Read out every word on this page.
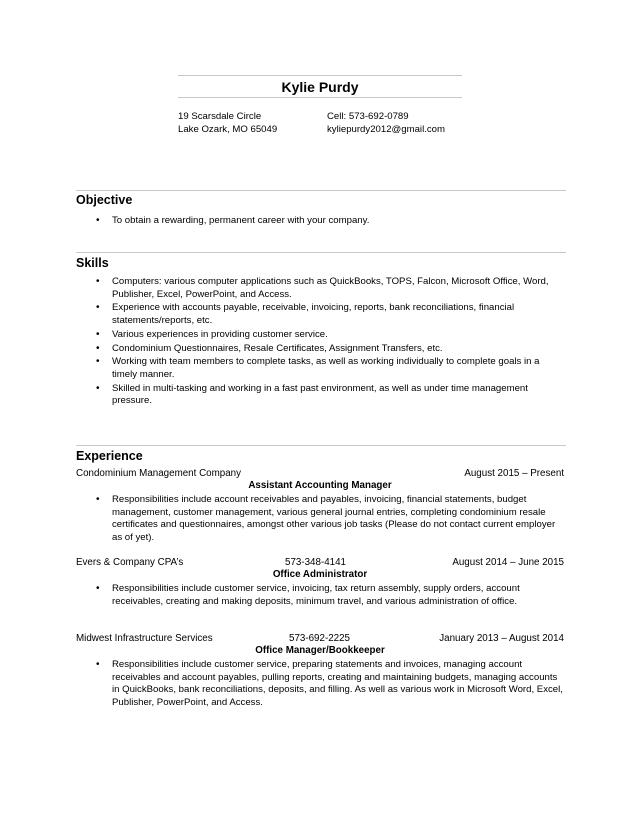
Kylie Purdy
19 Scarsdale Circle
Lake Ozark, MO 65049
Cell: 573-692-0789
kyliepurdy2012@gmail.com
Objective
• To obtain a rewarding, permanent career with your company.
Skills
• Computers: various computer applications such as QuickBooks, TOPS, Falcon, Microsoft Office, Word, Publisher, Excel, PowerPoint, and Access.
• Experience with accounts payable, receivable, invoicing, reports, bank reconciliations, financial statements/reports, etc.
• Various experiences in providing customer service.
• Condominium Questionnaires, Resale Certificates, Assignment Transfers, etc.
• Working with team members to complete tasks, as well as working individually to complete goals in a timely manner.
• Skilled in multi-tasking and working in a fast past environment, as well as under time management pressure.
Experience
Condominium Management Company	August 2015 – Present
Assistant Accounting Manager
• Responsibilities include account receivables and payables, invoicing, financial statements, budget management, customer management, various general journal entries, completing condominium resale certificates and questionnaires, amongst other various job tasks (Please do not contact current employer as of yet).
Evers & Company CPA’s	573-348-4141	August 2014 – June 2015
Office Administrator
• Responsibilities include customer service, invoicing, tax return assembly, supply orders, account receivables, creating and making deposits, minimum travel, and various administration of office.
Midwest Infrastructure Services	573-692-2225	January 2013 – August 2014
Office Manager/Bookkeeper
• Responsibilities include customer service, preparing statements and invoices, managing account receivables and account payables, pulling reports, creating and maintaining budgets, managing accounts in QuickBooks, bank reconciliations, deposits, and filling. As well as various work in Microsoft Word, Excel, Publisher, PowerPoint, and Access.
